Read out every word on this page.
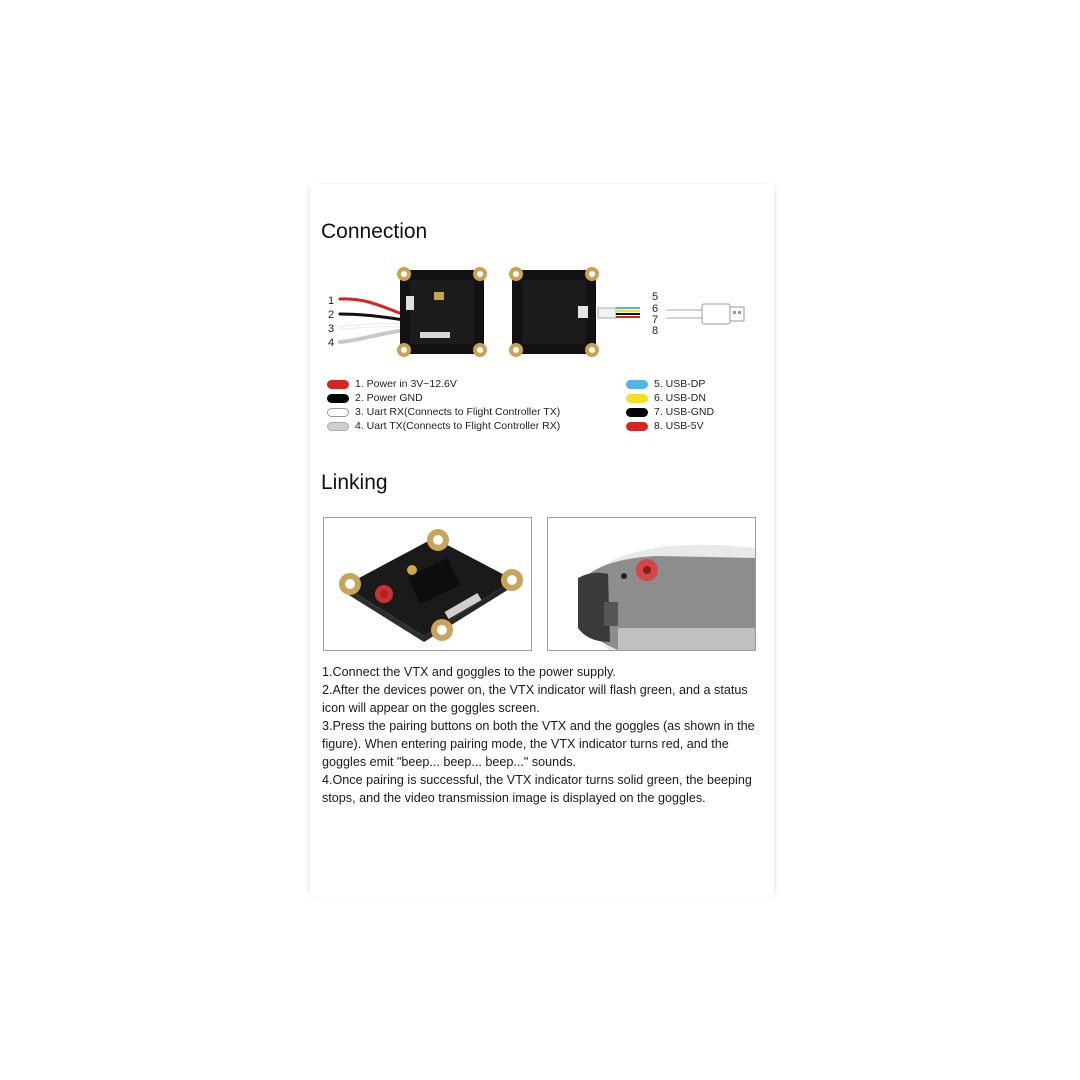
Connection
1
2
3
4
5
6
7
8
1. Power in 3V~12.6V
2. Power GND
3. Uart RX(Connects to Flight Controller TX)
4. Uart TX(Connects to Flight Controller RX)
5. USB-DP
6. USB-DN
7. USB-GND
8. USB-5V
Linking

1.Connect the VTX and goggles to the power supply.

2.After the devices power on, the VTX indicator will flash green, and a status icon will appear on the goggles screen.

3.Press the pairing buttons on both the VTX and the goggles (as shown in the figure). When entering pairing mode, the VTX indicator turns red, and the goggles emit "beep... beep... beep..." sounds.

4.Once pairing is successful, the VTX indicator turns solid green, the beeping stops, and the video transmission image is displayed on the goggles.
